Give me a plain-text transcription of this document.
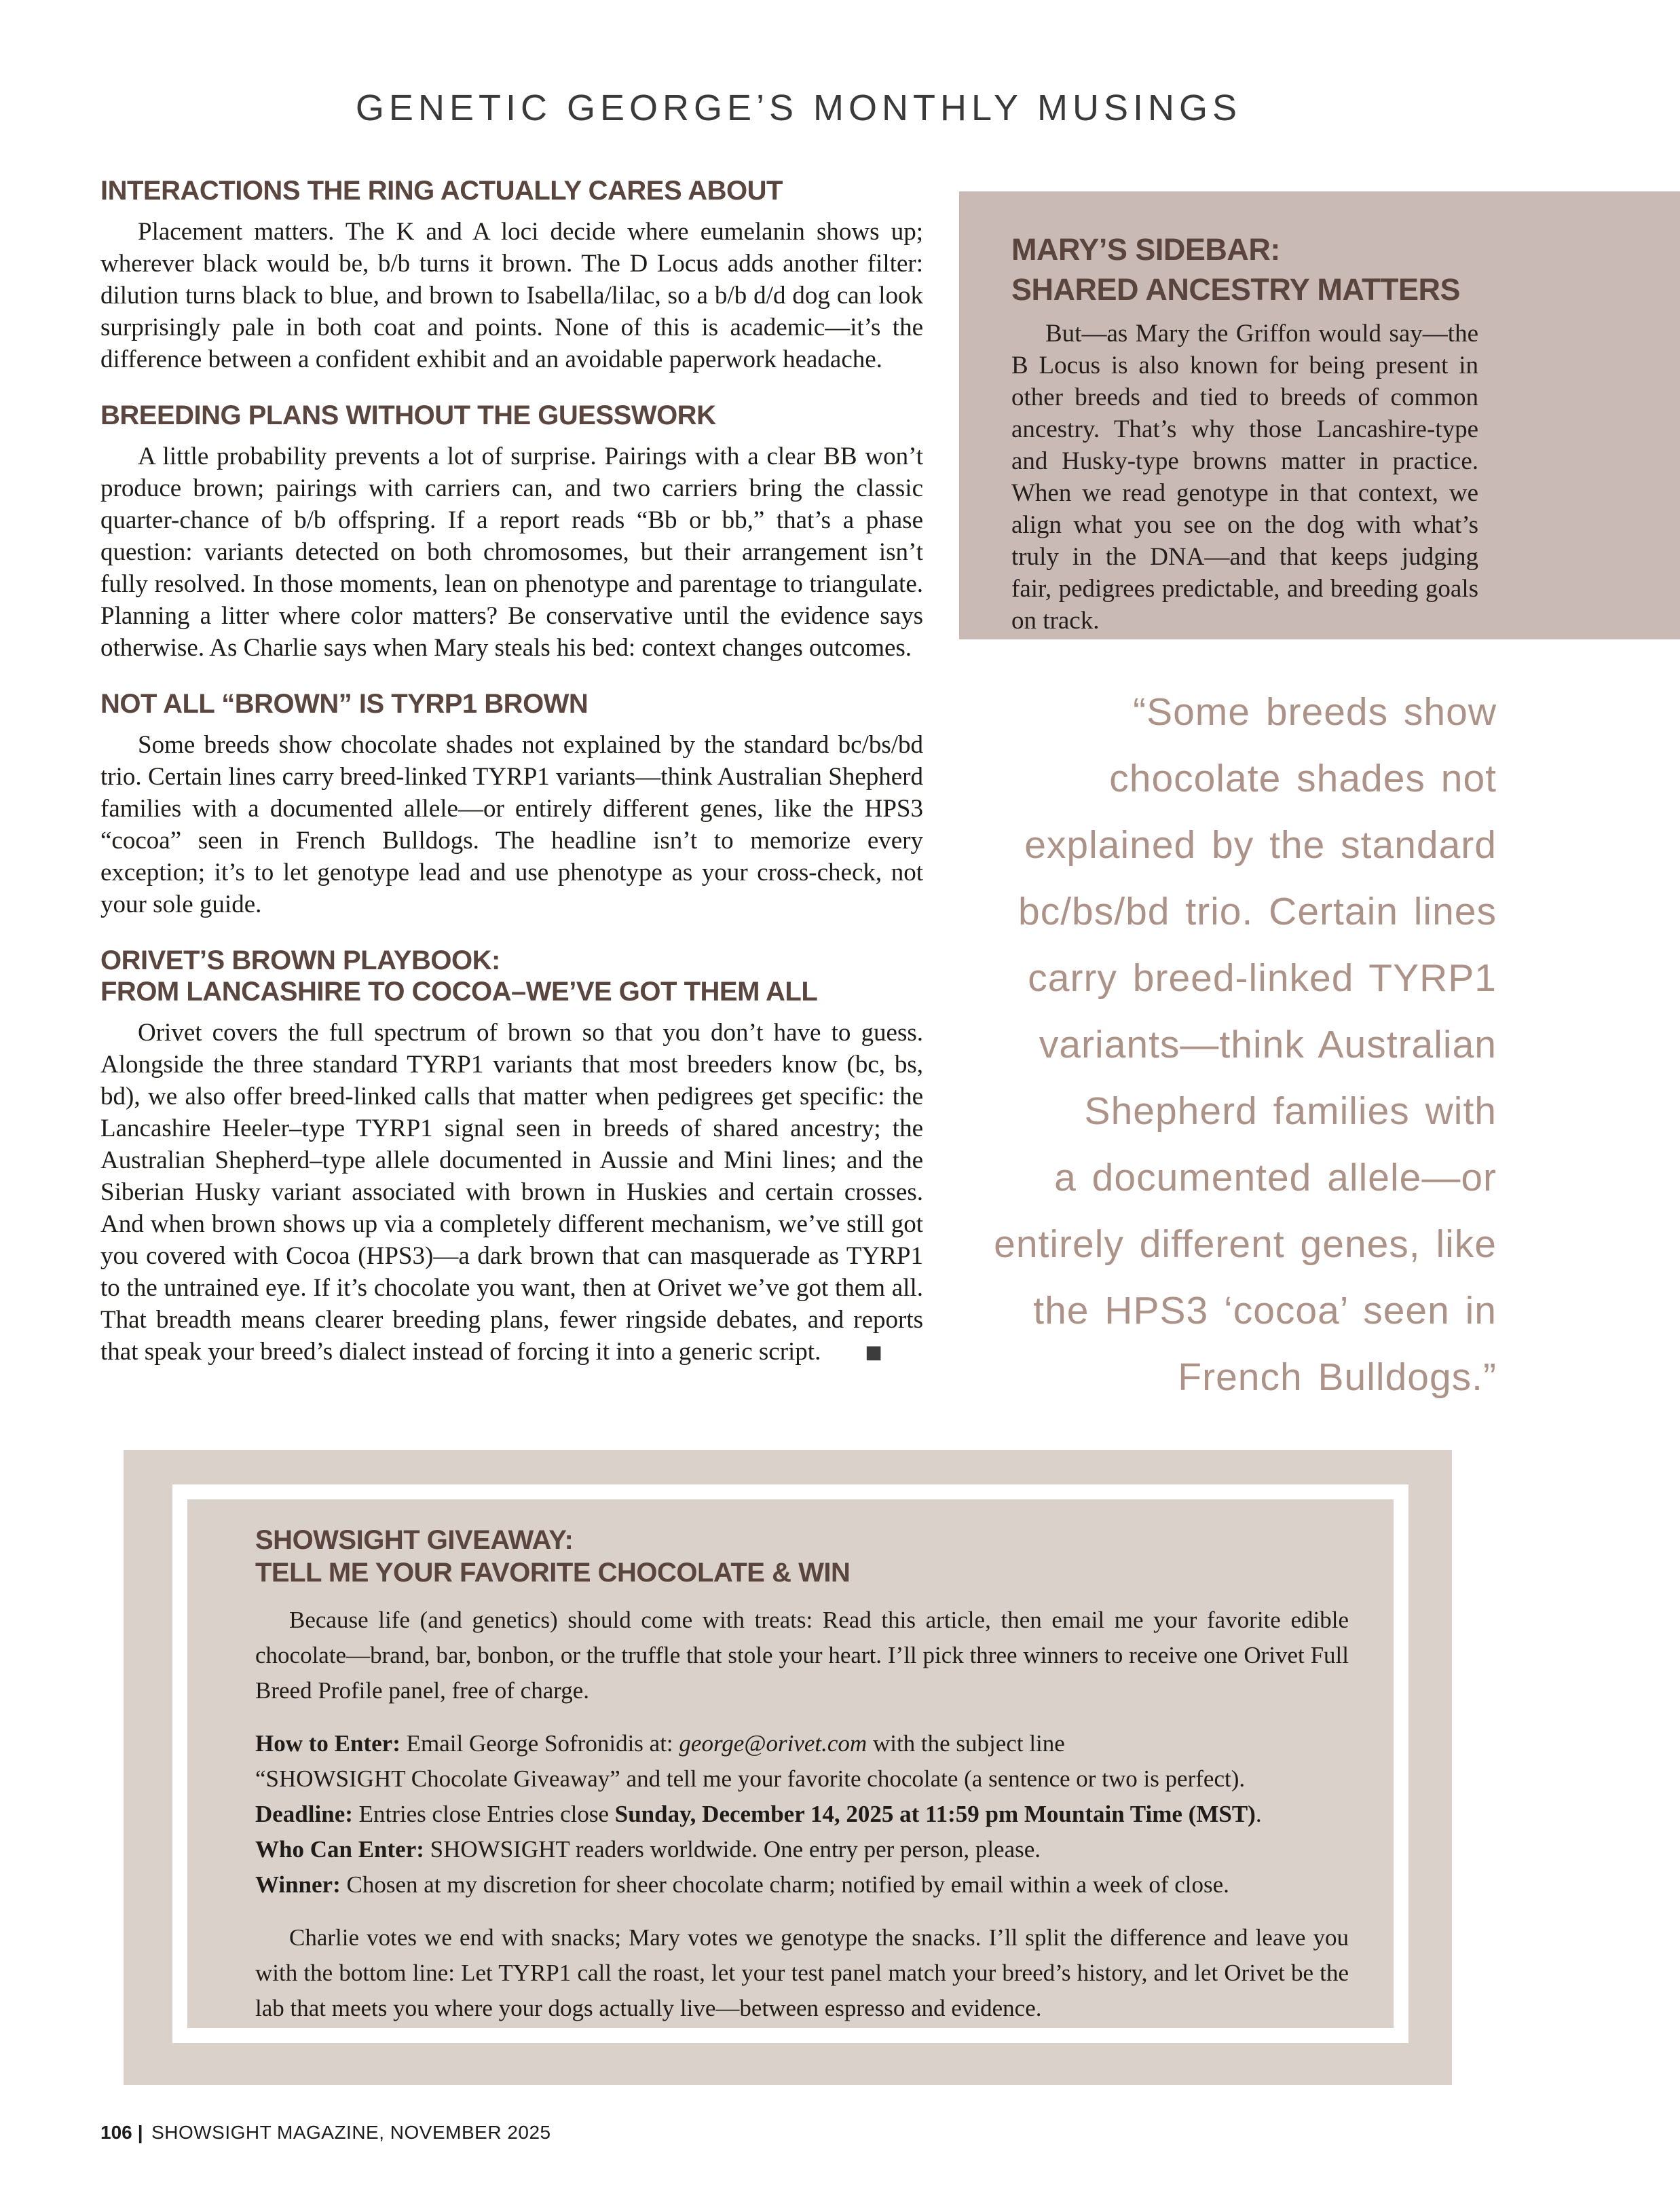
GENETIC GEORGE’S MONTHLY MUSINGS
INTERACTIONS THE RING ACTUALLY CARES ABOUT

Placement matters. The K and A loci decide where eumelanin shows up; wherever black would be, b/b turns it brown. The D Locus adds another filter: dilution turns black to blue, and brown to Isabella/lilac, so a b/b d/d dog can look surprisingly pale in both coat and points. None of this is academic—it’s the difference between a confident exhibit and an avoidable paperwork headache.

BREEDING PLANS WITHOUT THE GUESSWORK

A little probability prevents a lot of surprise. Pairings with a clear BB won’t produce brown; pairings with carriers can, and two carriers bring the classic quarter-chance of b/b offspring. If a report reads “Bb or bb,” that’s a phase question: variants detected on both chromosomes, but their arrangement isn’t fully resolved. In those moments, lean on phenotype and parentage to triangulate. Planning a litter where color matters? Be conservative until the evidence says otherwise. As Charlie says when Mary steals his bed: context changes outcomes.

NOT ALL “BROWN” IS TYRP1 BROWN

Some breeds show chocolate shades not explained by the standard bc/bs/bd trio. Certain lines carry breed-linked TYRP1 variants—think Australian Shepherd families with a documented allele—or entirely different genes, like the HPS3 “cocoa” seen in French Bulldogs. The headline isn’t to memorize every exception; it’s to let genotype lead and use phenotype as your cross-check, not your sole guide.

ORIVET’S BROWN PLAYBOOK:
FROM LANCASHIRE TO COCOA–WE’VE GOT THEM ALL

Orivet covers the full spectrum of brown so that you don’t have to guess. Alongside the three standard TYRP1 variants that most breeders know (bc, bs, bd), we also offer breed-linked calls that matter when pedigrees get specific: the Lancashire Heeler–type TYRP1 signal seen in breeds of shared ancestry; the Australian Shepherd–type allele documented in Aussie and Mini lines; and the Siberian Husky variant associated with brown in Huskies and certain crosses. And when brown shows up via a completely different mechanism, we’ve still got you covered with Cocoa (HPS3)—a dark brown that can masquerade as TYRP1 to the untrained eye. If it’s chocolate you want, then at Orivet we’ve got them all. That breadth means clearer breeding plans, fewer ringside debates, and reports that speak your breed’s dialect instead of forcing it into a generic script. ■

MARY’S SIDEBAR:
SHARED ANCESTRY MATTERS

But—as Mary the Griffon would say—the B Locus is also known for being present in other breeds and tied to breeds of common ancestry. That’s why those Lancashire-type and Husky-type browns matter in practice. When we read genotype in that context, we align what you see on the dog with what’s truly in the DNA—and that keeps judging fair, pedigrees predictable, and breeding goals on track.

“Some breeds show
chocolate shades not
explained by the standard
bc/bs/bd trio. Certain lines
carry breed-linked TYRP1
variants—think Australian
Shepherd families with
a documented allele—or
entirely different genes, like
the HPS3 ‘cocoa’ seen in
French Bulldogs.”
SHOWSIGHT GIVEAWAY:
TELL ME YOUR FAVORITE CHOCOLATE & WIN

Because life (and genetics) should come with treats: Read this article, then email me your favorite edible chocolate—brand, bar, bonbon, or the truffle that stole your heart. I’ll pick three winners to receive one Orivet Full Breed Profile panel, free of charge.

How to Enter: Email George Sofronidis at: george@orivet.com with the subject line

“SHOWSIGHT Chocolate Giveaway” and tell me your favorite chocolate (a sentence or two is perfect).

Deadline: Entries close Entries close Sunday, December 14, 2025 at 11:59 pm Mountain Time (MST).

Who Can Enter: SHOWSIGHT readers worldwide. One entry per person, please.

Winner: Chosen at my discretion for sheer chocolate charm; notified by email within a week of close.

Charlie votes we end with snacks; Mary votes we genotype the snacks. I’ll split the difference and leave you with the bottom line: Let TYRP1 call the roast, let your test panel match your breed’s history, and let Orivet be the lab that meets you where your dogs actually live—between espresso and evidence.

106 | SHOWSIGHT MAGAZINE, NOVEMBER 2025
